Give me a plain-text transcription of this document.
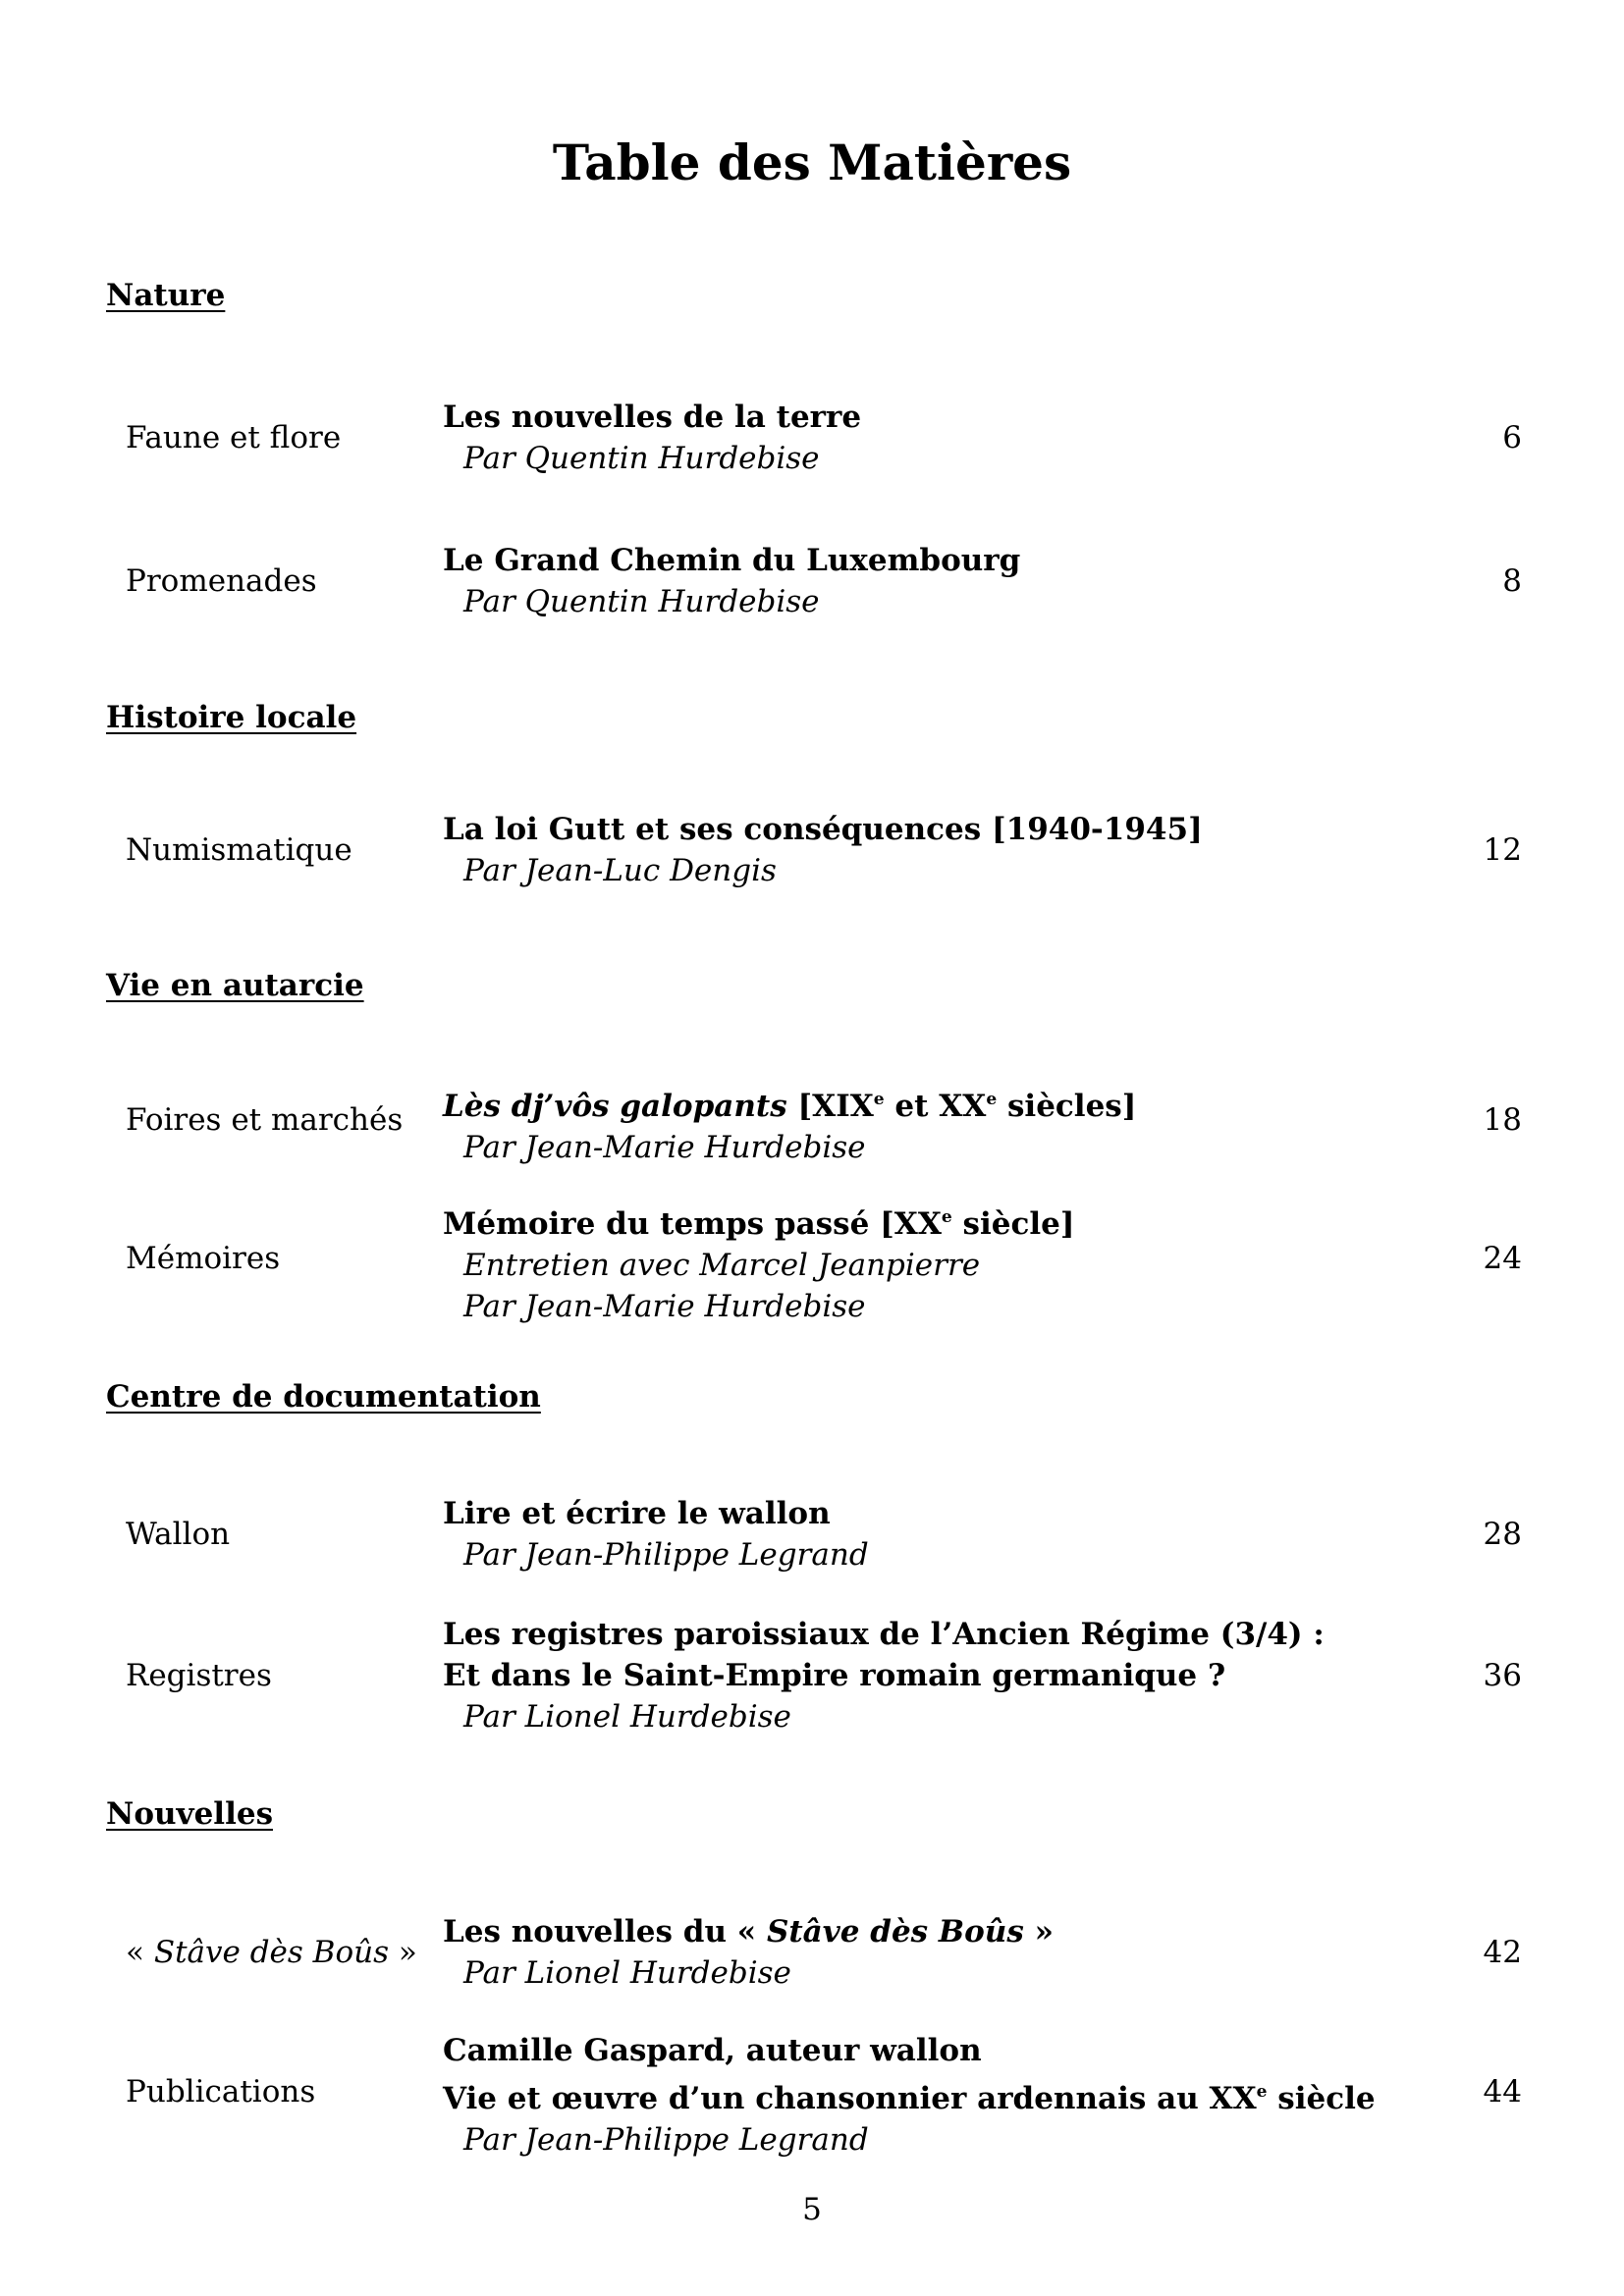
Table des Matières
Nature
Faune et flore
Les nouvelles de la terre
Par Quentin Hurdebise
6
Promenades
Le Grand Chemin du Luxembourg
Par Quentin Hurdebise
8
Histoire locale
Numismatique
La loi Gutt et ses conséquences [1940-1945]
Par Jean-Luc Dengis
12
Vie en autarcie
Foires et marchés Lès dj’vôs galopants [XIXe et XXe siècles]
Par Jean-Marie Hurdebise
18
Mémoires
Mémoire du temps passé [XXe siècle]
Entretien avec Marcel Jeanpierre
Par Jean-Marie Hurdebise
24
Centre de documentation
Wallon
Lire et écrire le wallon
Par Jean-Philippe Legrand
28
Registres
Les registres paroissiaux de l’Ancien Régime (3/4) :
Et dans le Saint-Empire romain germanique ?
Par Lionel Hurdebise
36
Nouvelles
« Stâve dès Boûs »
Les nouvelles du « Stâve dès Boûs »
Par Lionel Hurdebise
42
Publications
Camille Gaspard, auteur wallon
Vie et œuvre d’un chansonnier ardennais au XXe siècle
Par Jean-Philippe Legrand
44
5
